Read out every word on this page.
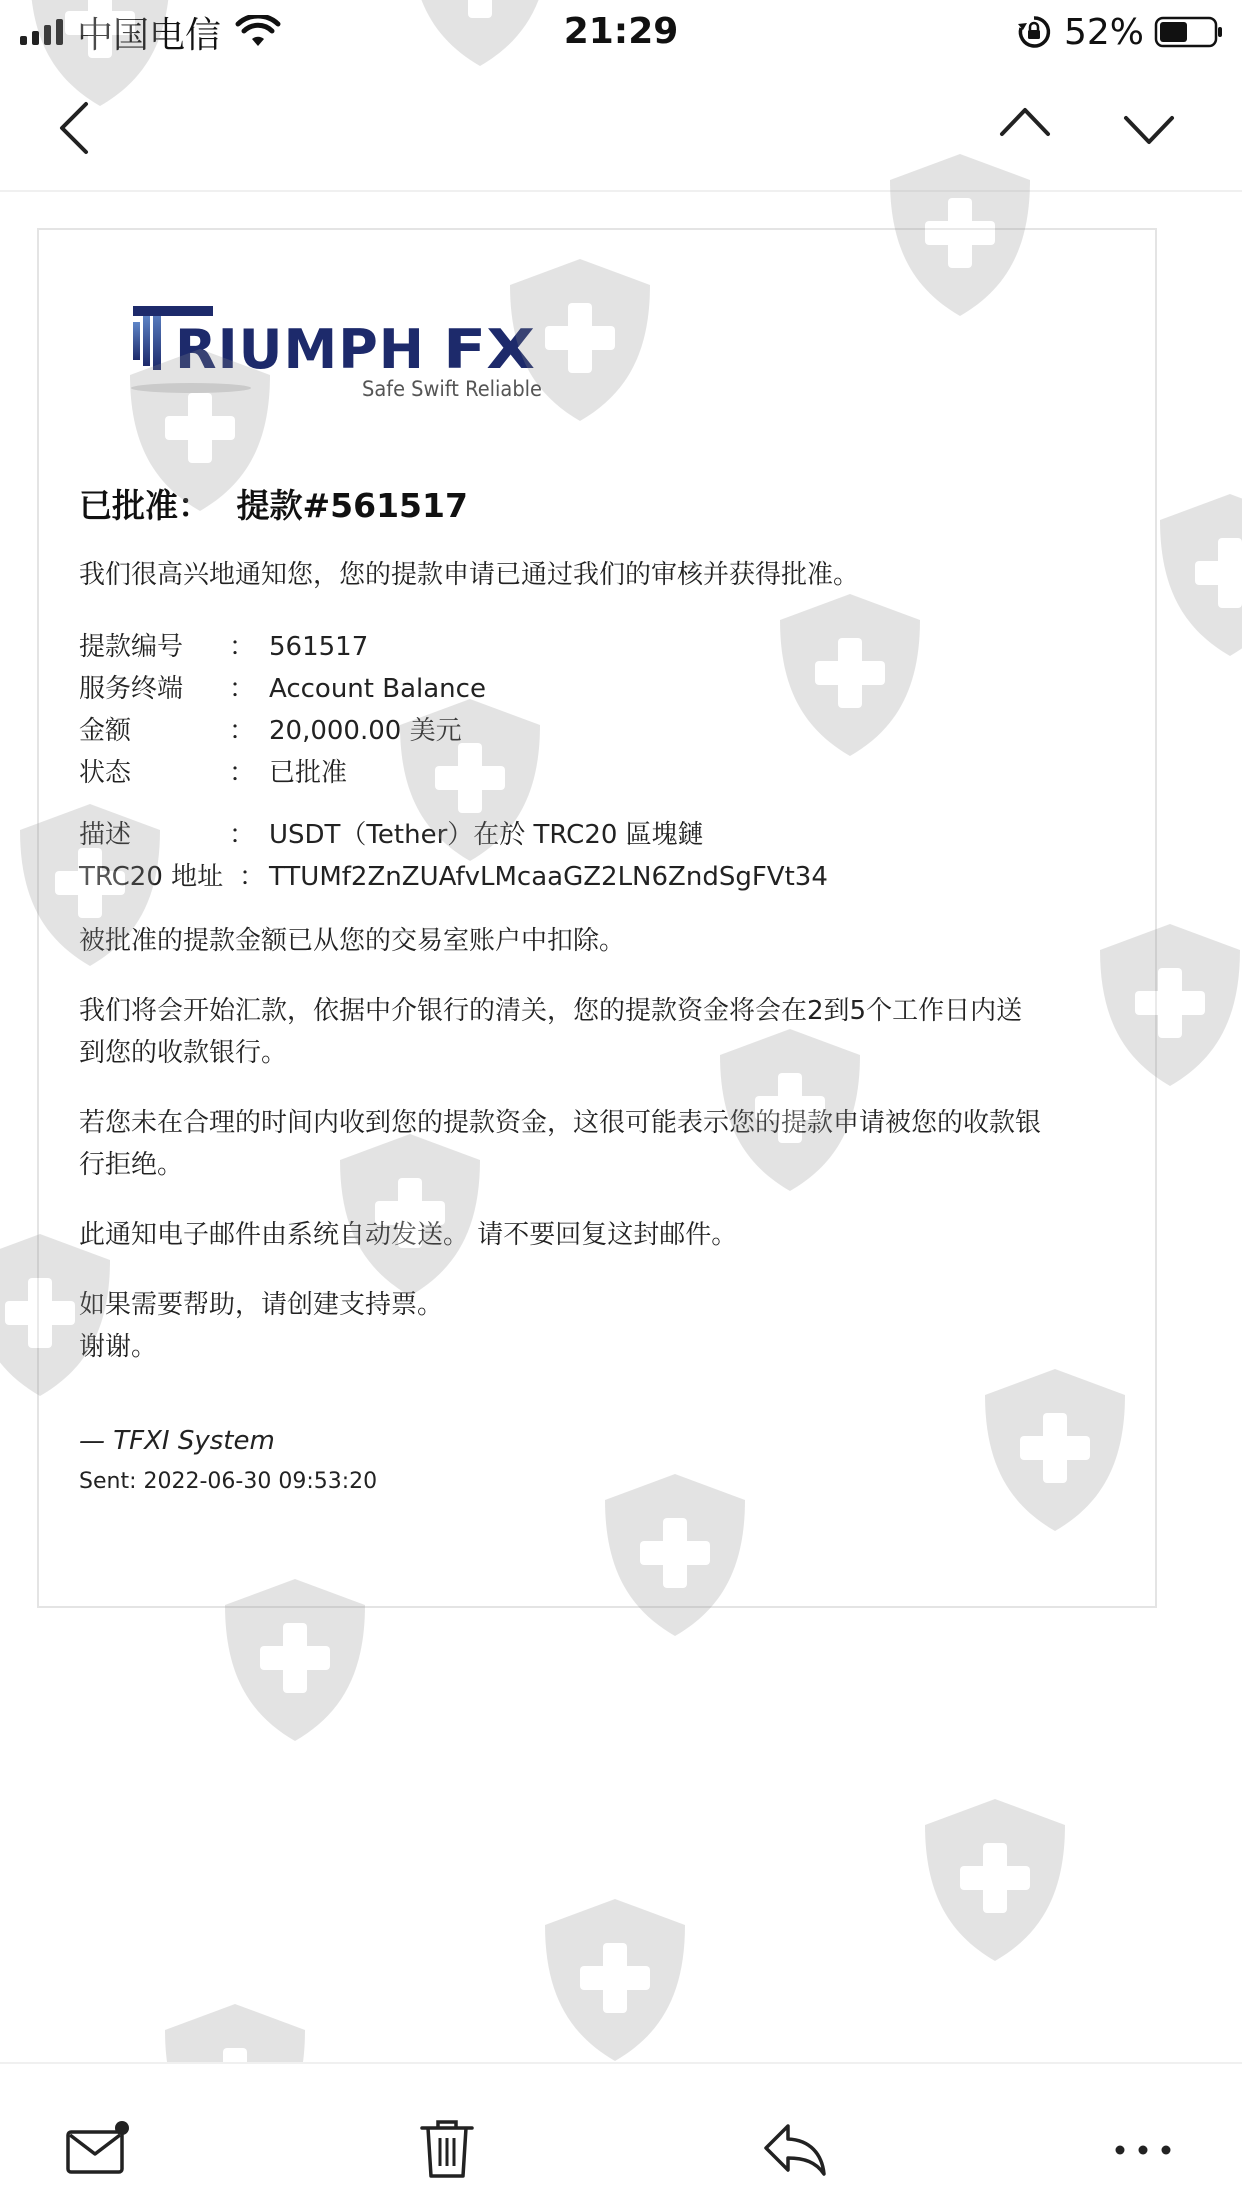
中国电信	21:29	52%
RIUMPH FX
Safe Swift Reliable
已批准： 提款#561517

我们很高兴地通知您，您的提款申请已通过我们的审核并获得批准。

提款编号	： 561517
服务终端	： Account Balance
金额	： 20,000.00 美元
状态	： 已批准
描述	： USDT（Tether）在於 TRC20 區塊鏈
TRC20 地址 ： TTUMf2ZnZUAfvLMcaaGZ2LN6ZndSgFVt34

被批准的提款金额已从您的交易室账户中扣除。

我们将会开始汇款，依据中介银行的清关，您的提款资金将会在2到5个工作日内送

到您的收款银行。

若您未在合理的时间内收到您的提款资金，这很可能表示您的提款申请被您的收款银

行拒绝。

此通知电子邮件由系统自动发送。 请不要回复这封邮件。

如果需要帮助，请创建支持票。

谢谢。

— TFXI System

Sent: 2022-06-30 09:53:20
